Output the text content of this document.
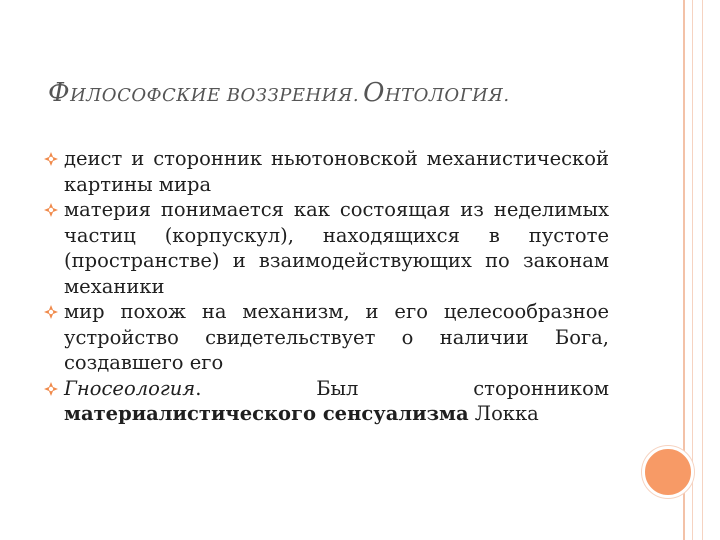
ФИЛОСОФСКИЕ ВОЗЗРЕНИЯ. ОНТОЛОГИЯ.
деист и сторонник ньютоновской механистической картины мира
материя понимается как состоящая из неделимых частиц (корпускул), находящихся в пустоте (пространстве) и взаимодействующих по законам механики
мир похож на механизм, и его целесообразное устройство свидетельствует о наличии Бога, создавшего его
Гносеология. Был сторонником материалистического сенсуализма Локка
